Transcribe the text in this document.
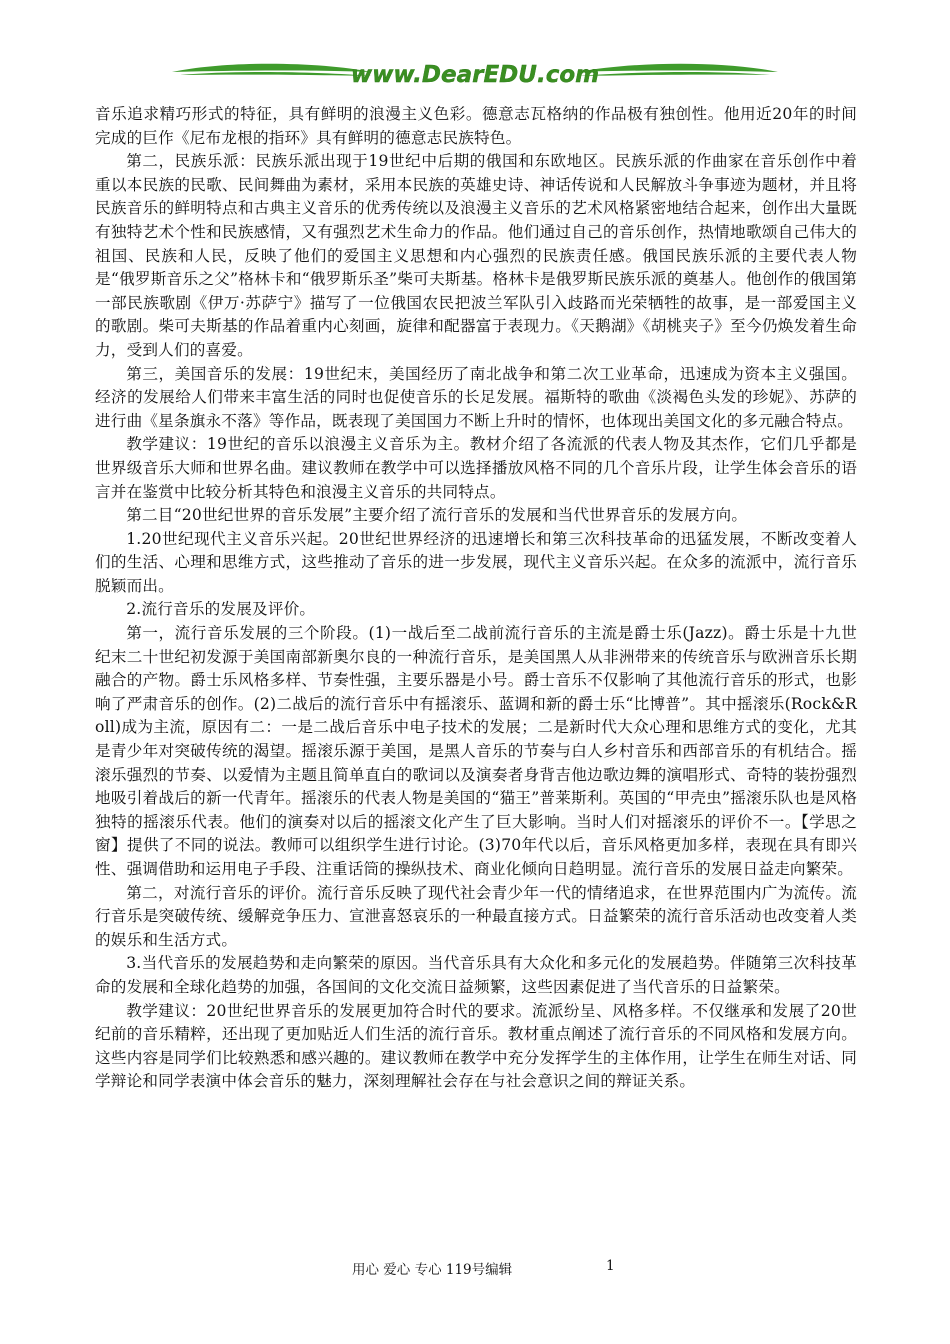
www.DearEDU.com

音乐追求精巧形式的特征，具有鲜明的浪漫主义色彩。德意志瓦格纳的作品极有独创性。他用近20年的时间完成的巨作《尼布龙根的指环》具有鲜明的德意志民族特色。

第二，民族乐派：民族乐派出现于19世纪中后期的俄国和东欧地区。民族乐派的作曲家在音乐创作中着重以本民族的民歌、民间舞曲为素材，采用本民族的英雄史诗、神话传说和人民解放斗争事迹为题材，并且将民族音乐的鲜明特点和古典主义音乐的优秀传统以及浪漫主义音乐的艺术风格紧密地结合起来，创作出大量既有独特艺术个性和民族感情，又有强烈艺术生命力的作品。他们通过自己的音乐创作，热情地歌颂自己伟大的祖国、民族和人民，反映了他们的爱国主义思想和内心强烈的民族责任感。俄国民族乐派的主要代表人物是“俄罗斯音乐之父”格林卡和“俄罗斯乐圣”柴可夫斯基。格林卡是俄罗斯民族乐派的奠基人。他创作的俄国第一部民族歌剧《伊万·苏萨宁》描写了一位俄国农民把波兰军队引入歧路而光荣牺牲的故事，是一部爱国主义的歌剧。柴可夫斯基的作品着重内心刻画，旋律和配器富于表现力。《天鹅湖》《胡桃夹子》至今仍焕发着生命力，受到人们的喜爱。

第三，美国音乐的发展：19世纪末，美国经历了南北战争和第二次工业革命，迅速成为资本主义强国。经济的发展给人们带来丰富生活的同时也促使音乐的长足发展。福斯特的歌曲《淡褐色头发的珍妮》、苏萨的进行曲《星条旗永不落》等作品，既表现了美国国力不断上升时的情怀，也体现出美国文化的多元融合特点。

教学建议：19世纪的音乐以浪漫主义音乐为主。教材介绍了各流派的代表人物及其杰作，它们几乎都是世界级音乐大师和世界名曲。建议教师在教学中可以选择播放风格不同的几个音乐片段，让学生体会音乐的语言并在鉴赏中比较分析其特色和浪漫主义音乐的共同特点。

第二目“20世纪世界的音乐发展”主要介绍了流行音乐的发展和当代世界音乐的发展方向。

1.20世纪现代主义音乐兴起。20世纪世界经济的迅速增长和第三次科技革命的迅猛发展，不断改变着人们的生活、心理和思维方式，这些推动了音乐的进一步发展，现代主义音乐兴起。在众多的流派中，流行音乐脱颖而出。

2.流行音乐的发展及评价。

第一，流行音乐发展的三个阶段。(1)一战后至二战前流行音乐的主流是爵士乐(Jazz)。爵士乐是十九世纪末二十世纪初发源于美国南部新奥尔良的一种流行音乐，是美国黑人从非洲带来的传统音乐与欧洲音乐长期融合的产物。爵士乐风格多样、节奏性强，主要乐器是小号。爵士音乐不仅影响了其他流行音乐的形式，也影响了严肃音乐的创作。(2)二战后的流行音乐中有摇滚乐、蓝调和新的爵士乐“比博普”。其中摇滚乐(Rock&Roll)成为主流，原因有二：一是二战后音乐中电子技术的发展；二是新时代大众心理和思维方式的变化，尤其是青少年对突破传统的渴望。摇滚乐源于美国，是黑人音乐的节奏与白人乡村音乐和西部音乐的有机结合。摇滚乐强烈的节奏、以爱情为主题且简单直白的歌词以及演奏者身背吉他边歌边舞的演唱形式、奇特的装扮强烈地吸引着战后的新一代青年。摇滚乐的代表人物是美国的“猫王”普莱斯利。英国的“甲壳虫”摇滚乐队也是风格独特的摇滚乐代表。他们的演奏对以后的摇滚文化产生了巨大影响。当时人们对摇滚乐的评价不一。【学思之窗】提供了不同的说法。教师可以组织学生进行讨论。(3)70年代以后，音乐风格更加多样，表现在具有即兴性、强调借助和运用电子手段、注重话筒的操纵技术、商业化倾向日趋明显。流行音乐的发展日益走向繁荣。

第二，对流行音乐的评价。流行音乐反映了现代社会青少年一代的情绪追求，在世界范围内广为流传。流行音乐是突破传统、缓解竞争压力、宣泄喜怒哀乐的一种最直接方式。日益繁荣的流行音乐活动也改变着人类的娱乐和生活方式。

3.当代音乐的发展趋势和走向繁荣的原因。当代音乐具有大众化和多元化的发展趋势。伴随第三次科技革命的发展和全球化趋势的加强，各国间的文化交流日益频繁，这些因素促进了当代音乐的日益繁荣。

教学建议：20世纪世界音乐的发展更加符合时代的要求。流派纷呈、风格多样。不仅继承和发展了20世纪前的音乐精粹，还出现了更加贴近人们生活的流行音乐。教材重点阐述了流行音乐的不同风格和发展方向。这些内容是同学们比较熟悉和感兴趣的。建议教师在教学中充分发挥学生的主体作用，让学生在师生对话、同学辩论和同学表演中体会音乐的魅力，深刻理解社会存在与社会意识之间的辩证关系。

用心 爱心 专心 119号编辑	1
